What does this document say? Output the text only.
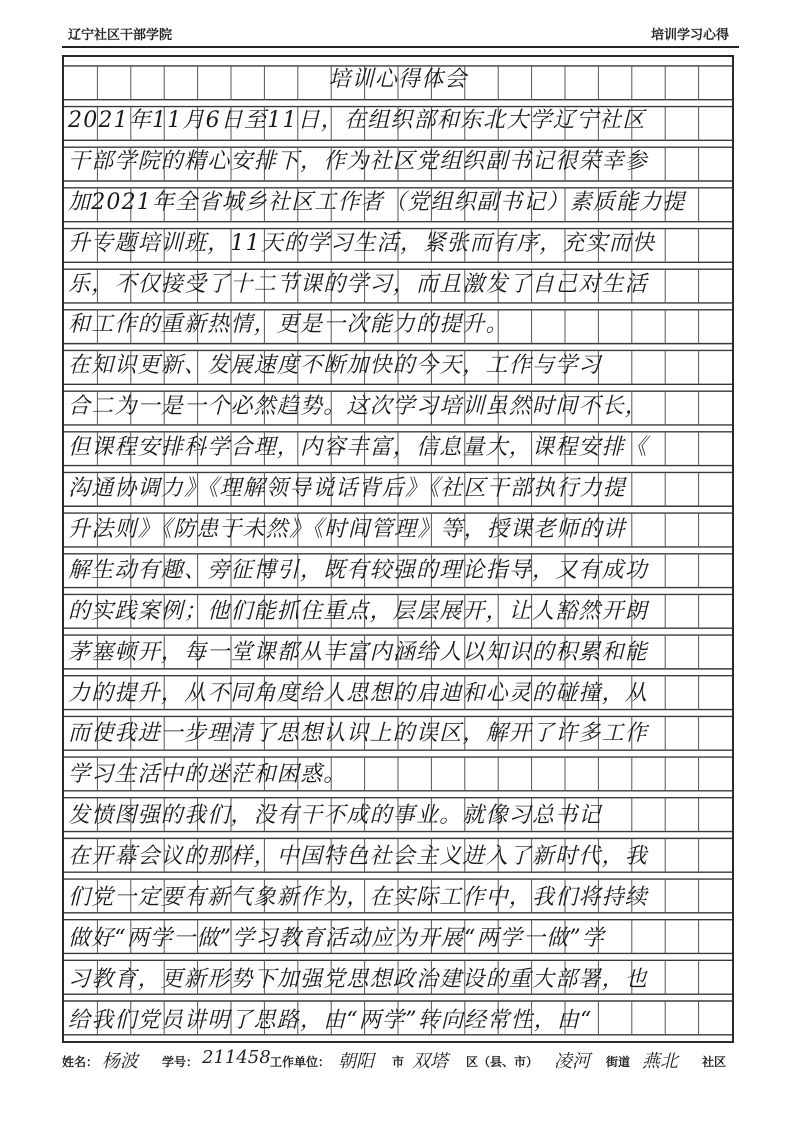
辽宁社区干部学院	培训学习心得
培训心得体会
2021年11月6日至11日，在组织部和东北大学辽宁社区
干部学院的精心安排下，作为社区党组织副书记很荣幸参
加2021年全省城乡社区工作者（党组织副书记）素质能力提
升专题培训班，11天的学习生活，紧张而有序，充实而快
乐，不仅接受了十二节课的学习，而且激发了自己对生活
和工作的重新热情，更是一次能力的提升。
在知识更新、发展速度不断加快的今天，工作与学习
合二为一是一个必然趋势。这次学习培训虽然时间不长，
但课程安排科学合理，内容丰富，信息量大，课程安排《
沟通协调力》《理解领导说话背后》《社区干部执行力提
升法则》《防患于未然》《时间管理》等，授课老师的讲
解生动有趣、旁征博引，既有较强的理论指导，又有成功
的实践案例；他们能抓住重点，层层展开，让人豁然开朗
茅塞顿开，每一堂课都从丰富内涵给人以知识的积累和能
力的提升，从不同角度给人思想的启迪和心灵的碰撞，从
而使我进一步理清了思想认识上的误区，解开了许多工作
学习生活中的迷茫和困惑。
发愤图强的我们，没有干不成的事业。就像习总书记
在开幕会议的那样，中国特色社会主义进入了新时代，我
们党一定要有新气象新作为，在实际工作中，我们将持续
做好“两学一做”学习教育活动应为开展“两学一做”学
习教育，更新形势下加强党思想政治建设的重大部署，也
给我们党员讲明了思路，由“两学”转向经常性，由“
姓名： 杨波 学号： 211458 工作单位： 朝阳 市 双塔 区（县、市） 凌河 街道 燕北 社区
